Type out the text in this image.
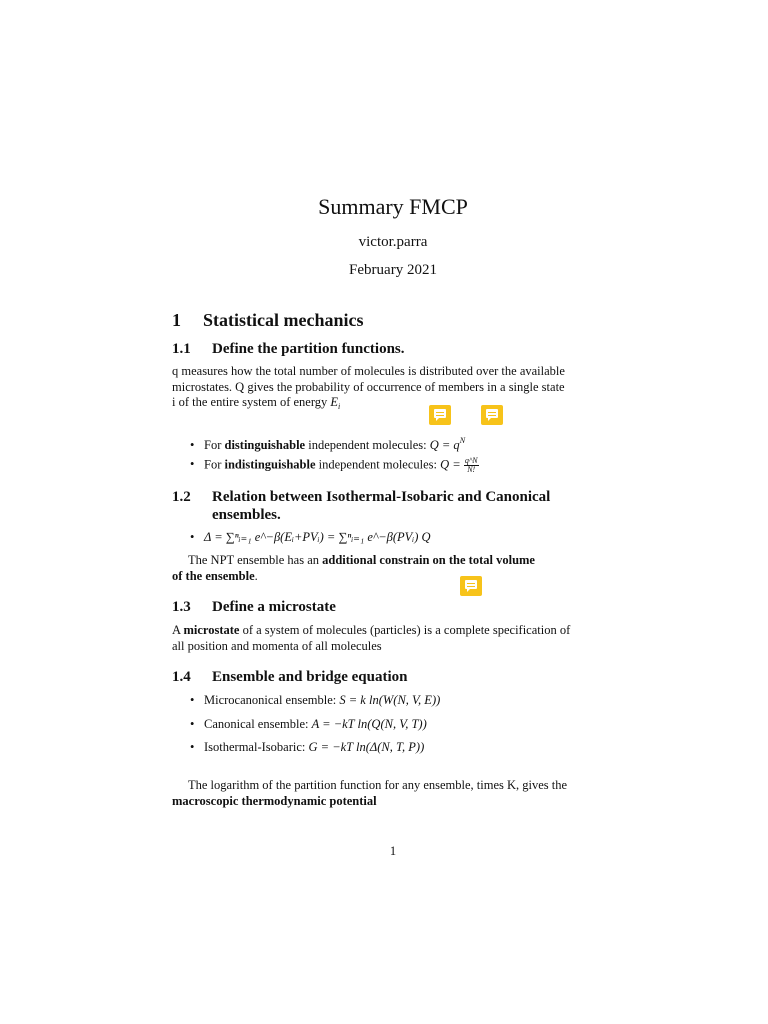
Summary FMCP
victor.parra
February 2021
1 Statistical mechanics
1.1 Define the partition functions.
q measures how the total number of molecules is distributed over the available
microstates. Q gives the probability of occurrence of members in a single state
i of the entire system of energy $E_i$
• For distinguishable independent molecules: $Q = q^N$
• For indistinguishable independent molecules: $Q = \frac{q\^{}N}{N!}$
1.2 Relation between Isothermal-Isobaric and Canonical
ensembles.
• Δ = ∑ⁿᵢ₌₁ e^−β(Eᵢ+PVᵢ) = ∑ⁿᵢ₌₁ e^−β(PVᵢ) Q
The NPT ensemble has an additional constrain on the total volume
of the ensemble.
1.3 Define a microstate
A microstate of a system of molecules (particles) is a complete specification of
all position and momenta of all molecules
1.4 Ensemble and bridge equation
• Microcanonical ensemble: S = k ln(W(N, V, E))
• Canonical ensemble: A = −kT ln(Q(N, V, T))
• Isothermal-Isobaric: G = −kT ln(Δ(N, T, P))
The logarithm of the partition function for any ensemble, times K, gives the
macroscopic thermodynamic potential
1
